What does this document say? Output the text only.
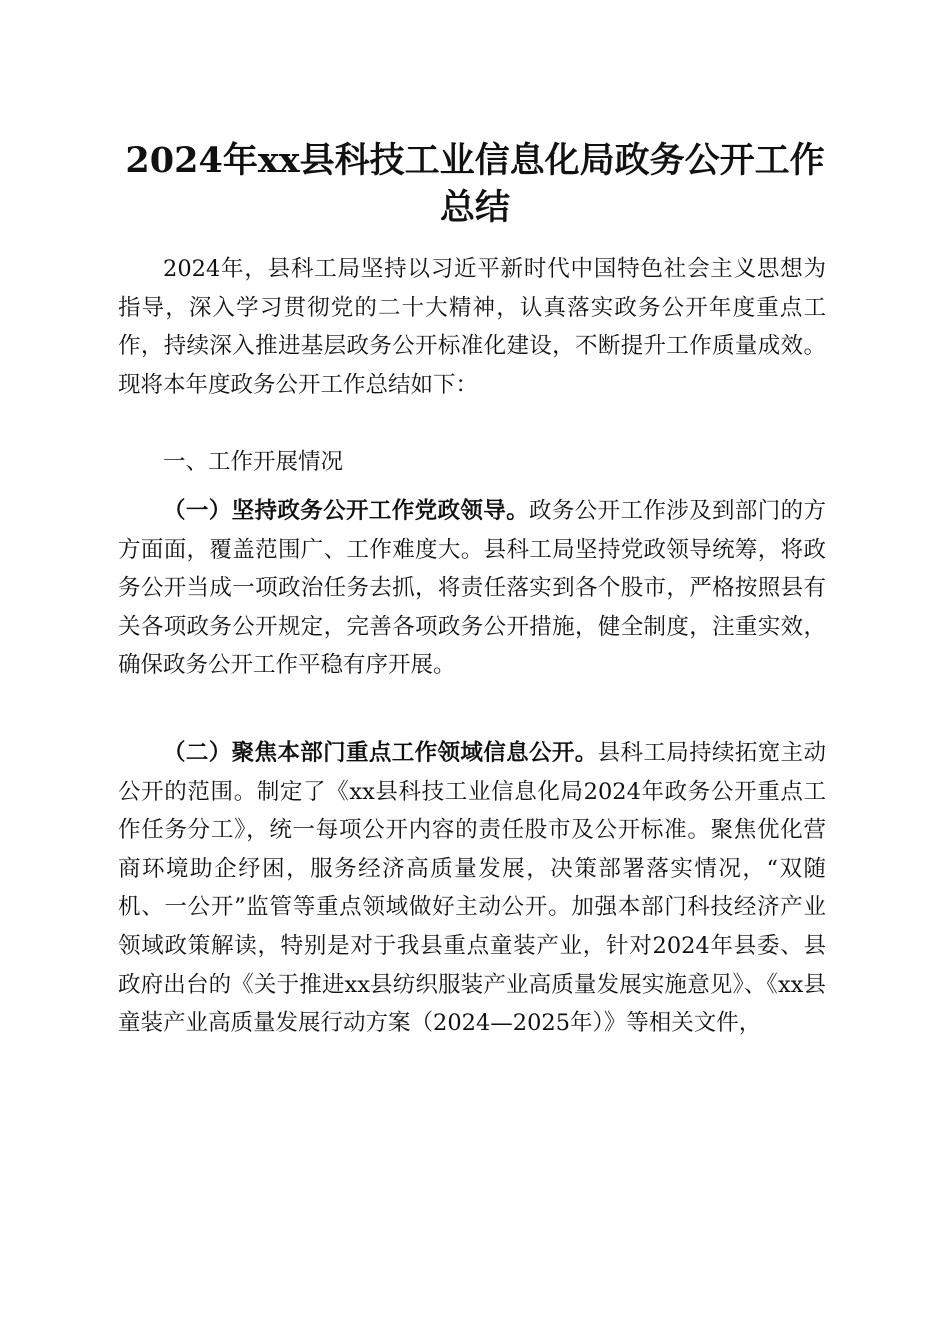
2024年xx县科技工业信息化局政务公开工作
总结

2024年，县科工局坚持以习近平新时代中国特色社会主义思想为指导，深入学习贯彻党的二十大精神，认真落实政务公开年度重点工作，持续深入推进基层政务公开标准化建设，不断提升工作质量成效。现将本年度政务公开工作总结如下：

一、工作开展情况

（一）坚持政务公开工作党政领导。政务公开工作涉及到部门的方方面面，覆盖范围广、工作难度大。县科工局坚持党政领导统筹，将政务公开当成一项政治任务去抓，将责任落实到各个股市，严格按照县有关各项政务公开规定，完善各项政务公开措施，健全制度，注重实效，确保政务公开工作平稳有序开展。

（二）聚焦本部门重点工作领域信息公开。县科工局持续拓宽主动公开的范围。制定了《xx县科技工业信息化局2024年政务公开重点工作任务分工》，统一每项公开内容的责任股市及公开标准。聚焦优化营商环境助企纾困，服务经济高质量发展，决策部署落实情况，“双随机、一公开”监管等重点领域做好主动公开。加强本部门科技经济产业领域政策解读，特别是对于我县重点童装产业，针对2024年县委、县政府出台的《关于推进xx县纺织服装产业高质量发展实施意见》、《xx县童装产业高质量发展行动方案（2024—2025年）》等相关文件，
